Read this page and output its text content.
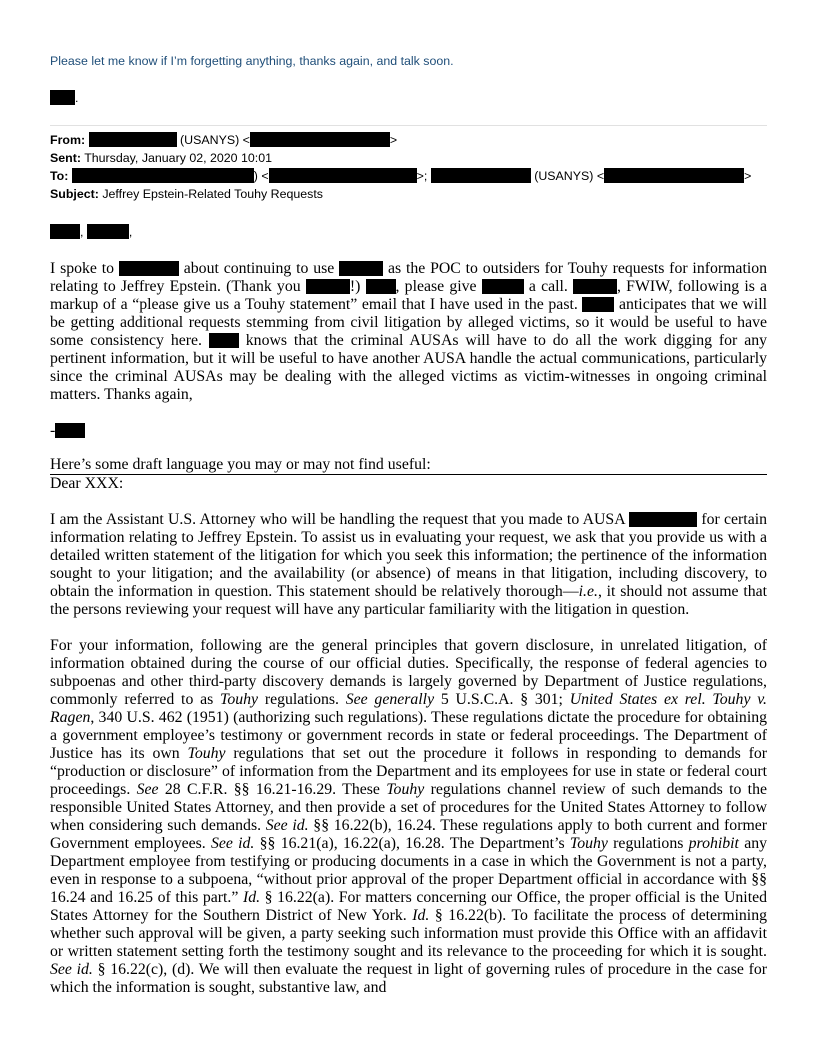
Please let me know if I’m forgetting anything, thanks again, and talk soon.

.
From:	(USANYS) <	>
Sent: Thursday, January 02, 2020 10:01
To:	) <	>;	(USANYS) <	>
Subject: Jeffrey Epstein-Related Touhy Requests
,	,

I spoke to	about continuing to use	as the POC to outsiders for Touhy requests for information relating to Jeffrey Epstein. (Thank you	!) , please give	a call.	, FWIW, following is a markup of a “please give us a Touhy statement” email that I have used in the past.	anticipates that we will be getting additional requests stemming from civil litigation by alleged victims, so it would be useful to have some consistency here.	knows that the criminal AUSAs will have to do all the work digging for any pertinent information, but it will be useful to have another AUSA handle the actual communications, particularly since the criminal AUSAs may be dealing with the alleged victims as victim-witnesses in ongoing criminal matters. Thanks again,

-
Here’s some draft language you may or may not find useful:
Dear XXX:

I am the Assistant U.S. Attorney who will be handling the request that you made to AUSA	for certain information relating to Jeffrey Epstein. To assist us in evaluating your request, we ask that you provide us with a detailed written statement of the litigation for which you seek this information; the pertinence of the information sought to your litigation; and the availability (or absence) of means in that litigation, including discovery, to obtain the information in question. This statement should be relatively thorough—i.e., it should not assume that the persons reviewing your request will have any particular familiarity with the litigation in question.

For your information, following are the general principles that govern disclosure, in unrelated litigation, of information obtained during the course of our official duties. Specifically, the response of federal agencies to subpoenas and other third-party discovery demands is largely governed by Department of Justice regulations, commonly referred to as Touhy regulations. See generally 5 U.S.C.A. § 301; United States ex rel. Touhy v. Ragen, 340 U.S. 462 (1951) (authorizing such regulations). These regulations dictate the procedure for obtaining a government employee’s testimony or government records in state or federal proceedings. The Department of Justice has its own Touhy regulations that set out the procedure it follows in responding to demands for “production or disclosure” of information from the Department and its employees for use in state or federal court proceedings. See 28 C.F.R. §§ 16.21-16.29. These Touhy regulations channel review of such demands to the responsible United States Attorney, and then provide a set of procedures for the United States Attorney to follow when considering such demands. See id. §§ 16.22(b), 16.24. These regulations apply to both current and former Government employees. See id. §§ 16.21(a), 16.22(a), 16.28. The Department’s Touhy regulations prohibit any Department employee from testifying or producing documents in a case in which the Government is not a party, even in response to a subpoena, “without prior approval of the proper Department official in accordance with §§ 16.24 and 16.25 of this part.” Id. § 16.22(a). For matters concerning our Office, the proper official is the United States Attorney for the Southern District of New York. Id. § 16.22(b). To facilitate the process of determining whether such approval will be given, a party seeking such information must provide this Office with an affidavit or written statement setting forth the testimony sought and its relevance to the proceeding for which it is sought. See id. § 16.22(c), (d). We will then evaluate the request in light of governing rules of procedure in the case for which the information is sought, substantive law, and
